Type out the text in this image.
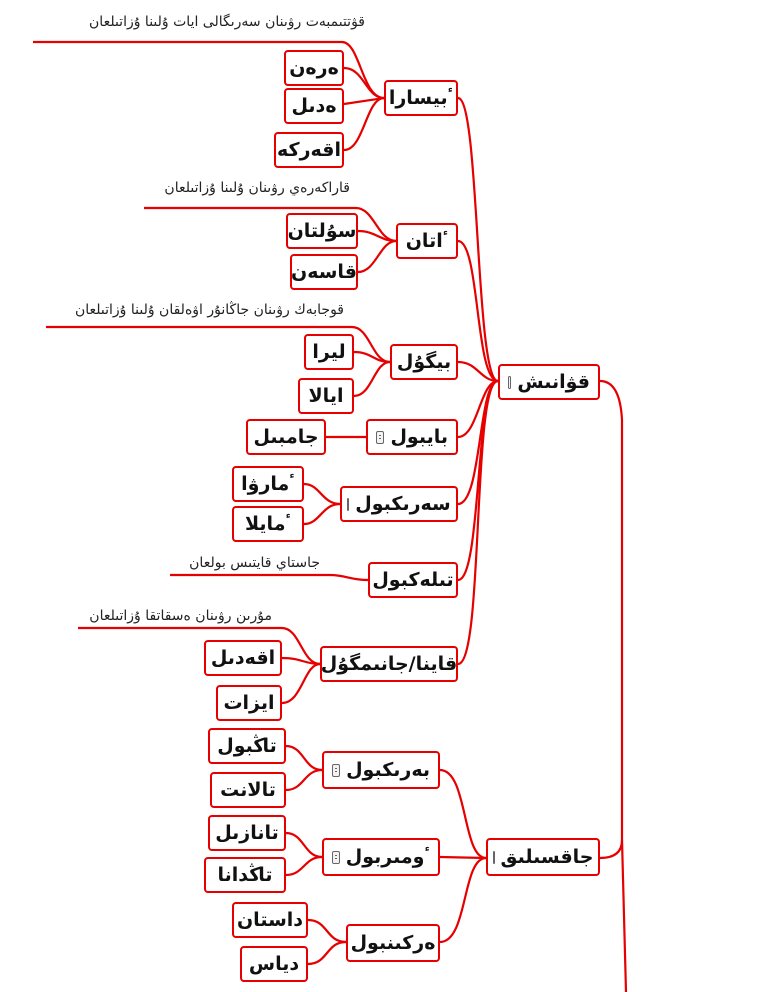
قۋتتىمبەت رۋىنان سەرىگالى ايات ۇلىنا ۇزاتىلعان
قاراكەرەي رۋىنان ۇلىنا ۇزاتىلعان
قوجابەك رۋىنان جاڭانۇر اۋەلقان ۇلىنا ۇزاتىلعان
جاستاي قايتىس بولعان
مۇرىن رۋىنان ەسقاتقا ۇزاتىلعان
قۋانىش
جاقسىلىق
ٴبيسارا
ٴاتان
بيگۇل
بايبول
سەرىكبول
تىلەكبول
قاينا/جانىمگۇل
ەرەن
ەدىل
اقەركە
سۇلتان
قاسەن
ليرا
ايالا
جامبىل
ٴمارۋا
ٴمايلا
اقەدىل
ايزات
بەرىكبول
ٴومىربول
ەركىنبول
تاڭبول
تالانت
تانازىل
تاڭدانا
داستان
دياس
